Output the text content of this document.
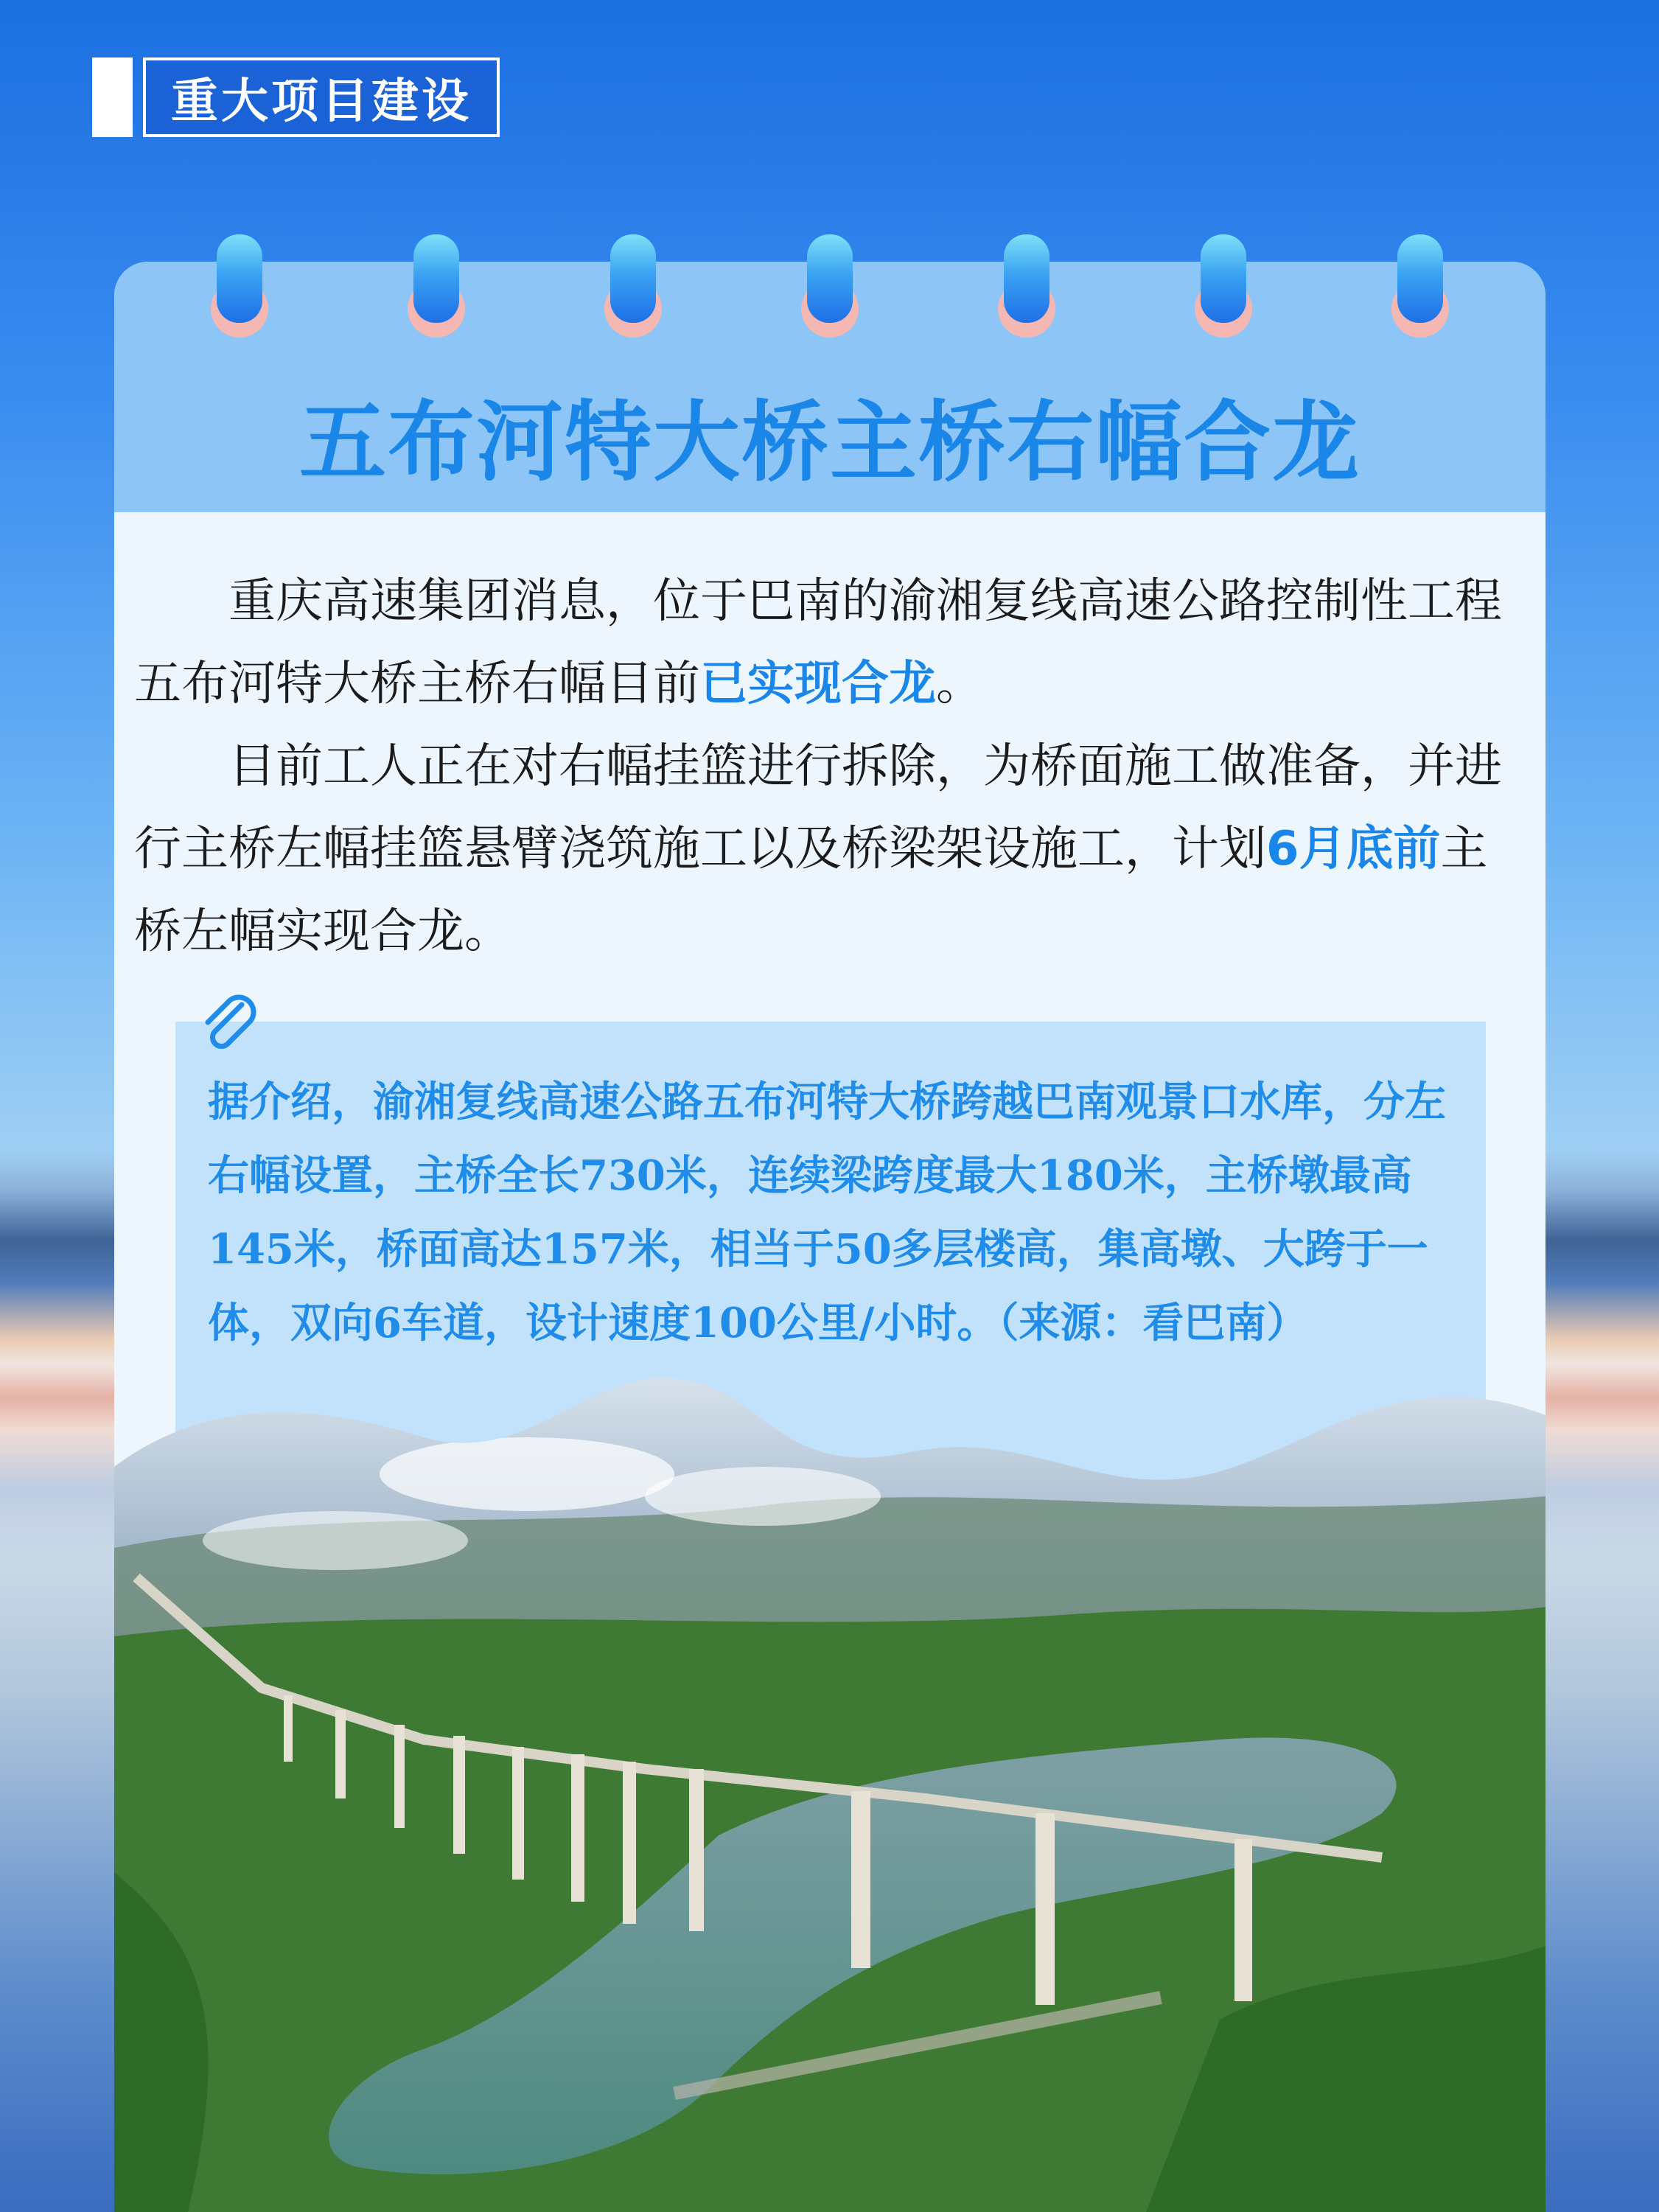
重大项目建设
五布河特大桥主桥右幅合龙

重庆高速集团消息，位于巴南的渝湘复线高速公路控制性工程五布河特大桥主桥右幅目前已实现合龙。

目前工人正在对右幅挂篮进行拆除，为桥面施工做准备，并进行主桥左幅挂篮悬臂浇筑施工以及桥梁架设施工，计划6月底前主桥左幅实现合龙。

据介绍，渝湘复线高速公路五布河特大桥跨越巴南观景口水库，分左右幅设置，主桥全长730米，连续梁跨度最大180米，主桥墩最高145米，桥面高达157米，相当于50多层楼高，集高墩、大跨于一体，双向6车道，设计速度100公里/小时。（来源：看巴南）
